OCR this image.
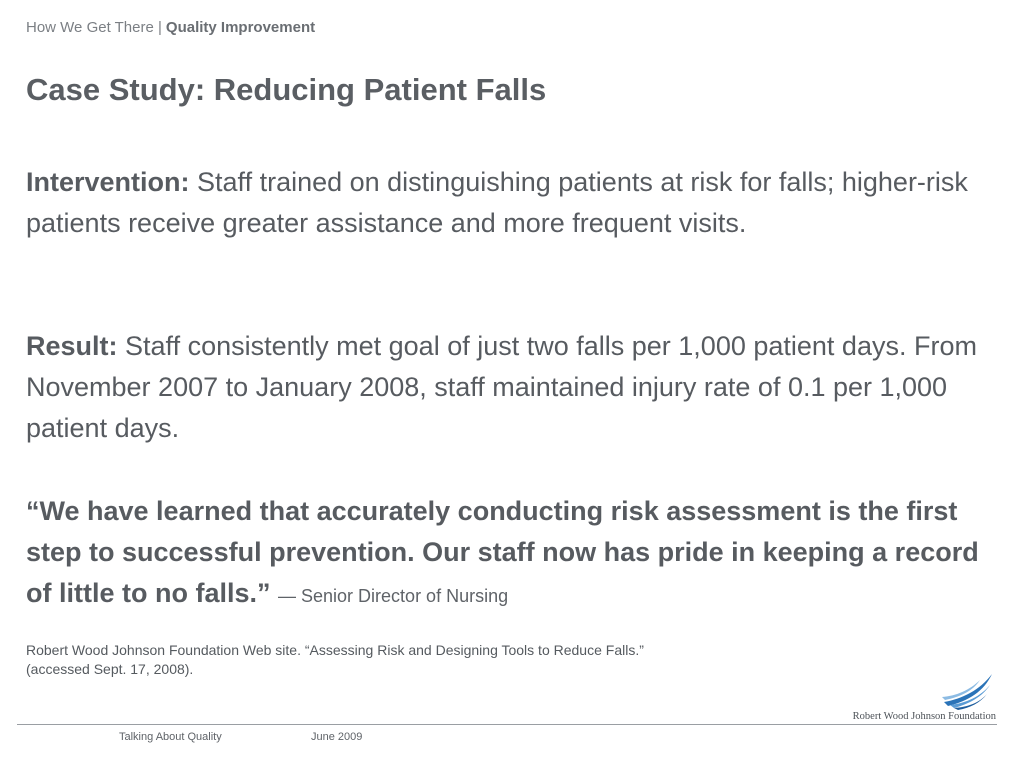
How We Get There | Quality Improvement
Case Study: Reducing Patient Falls

Intervention: Staff trained on distinguishing patients at risk for falls; higher-risk patients receive greater assistance and more frequent visits.

Result: Staff consistently met goal of just two falls per 1,000 patient days. From November 2007 to January 2008, staff maintained injury rate of 0.1 per 1,000 patient days.

“We have learned that accurately conducting risk assessment is the first step to successful prevention. Our staff now has pride in keeping a record of little to no falls.” — Senior Director of Nursing

Robert Wood Johnson Foundation Web site. “Assessing Risk and Designing Tools to Reduce Falls.”
(accessed Sept. 17, 2008).
Robert Wood Johnson Foundation
Talking About Quality	June 2009
